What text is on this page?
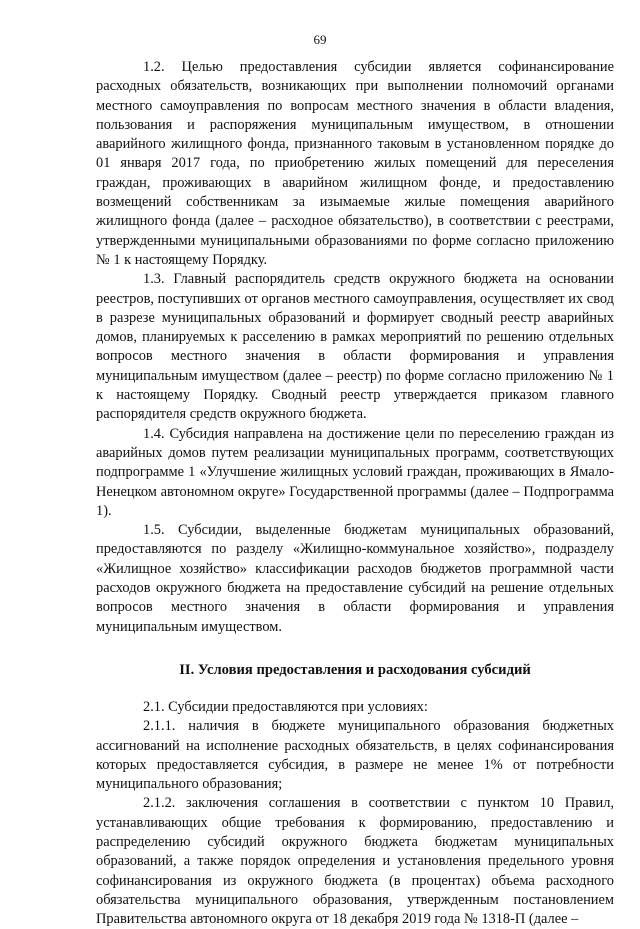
69

1.2. Целью предоставления субсидии является софинансирование расходных обязательств, возникающих при выполнении полномочий органами местного самоуправления по вопросам местного значения в области владения, пользования и распоряжения муниципальным имуществом, в отношении аварийного жилищного фонда, признанного таковым в установленном порядке до 01 января 2017 года, по приобретению жилых помещений для переселения граждан, проживающих в аварийном жилищном фонде, и предоставлению возмещений собственникам за изымаемые жилые помещения аварийного жилищного фонда (далее – расходное обязательство), в соответствии с реестрами, утвержденными муниципальными образованиями по форме согласно приложению № 1 к настоящему Порядку.

1.3. Главный распорядитель средств окружного бюджета на основании реестров, поступивших от органов местного самоуправления, осуществляет их свод в разрезе муниципальных образований и формирует сводный реестр аварийных домов, планируемых к расселению в рамках мероприятий по решению отдельных вопросов местного значения в области формирования и управления муниципальным имуществом (далее – реестр) по форме согласно приложению № 1 к настоящему Порядку. Сводный реестр утверждается приказом главного распорядителя средств окружного бюджета.

1.4. Субсидия направлена на достижение цели по переселению граждан из аварийных домов путем реализации муниципальных программ, соответствующих подпрограмме 1 «Улучшение жилищных условий граждан, проживающих в Ямало-Ненецком автономном округе» Государственной программы (далее – Подпрограмма 1).

1.5. Субсидии, выделенные бюджетам муниципальных образований, предоставляются по разделу «Жилищно-коммунальное хозяйство», подразделу «Жилищное хозяйство» классификации расходов бюджетов программной части расходов окружного бюджета на предоставление субсидий на решение отдельных вопросов местного значения в области формирования и управления муниципальным имуществом.

II. Условия предоставления и расходования субсидий

2.1. Субсидии предоставляются при условиях:

2.1.1. наличия в бюджете муниципального образования бюджетных ассигнований на исполнение расходных обязательств, в целях софинансирования которых предоставляется субсидия, в размере не менее 1% от потребности муниципального образования;

2.1.2. заключения соглашения в соответствии с пунктом 10 Правил, устанавливающих общие требования к формированию, предоставлению и распределению субсидий окружного бюджета бюджетам муниципальных образований, а также порядок определения и установления предельного уровня софинансирования из окружного бюджета (в процентах) объема расходного обязательства муниципального образования, утвержденным постановлением Правительства автономного округа от 18 декабря 2019 года № 1318-П (далее –
